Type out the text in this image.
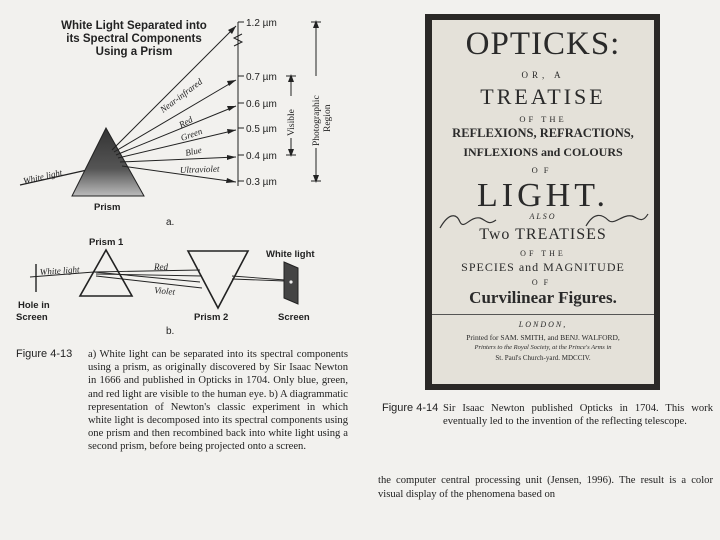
White Light Separated into
its Spectral Components
Using a Prism
White light
Prism
Near-infrared
Red
Green
Blue
Ultraviolet
1.2 µm
0.7 µm
0.6 µm
0.5 µm
0.4 µm
0.3 µm
Visible Photographic Region
a.
Prism 1
Prism 2
Hole in
Screen
White light	Red
Violet
White light
Screen
b.
Figure 4-13 a) White light can be separated into its spectral components using a prism, as originally discovered by Sir Isaac Newton in 1666 and published in Opticks in 1704. Only blue, green, and red light are visible to the human eye. b) A diagrammatic representation of Newton's classic experiment in which white light is decomposed into its spectral components using one prism and then recombined back into white light using a second prism, before being projected onto a screen.
OPTICKS:
OR, A
TREATISE
OF THE
REFLEXIONS, REFRACTIONS,
INFLEXIONS and COLOURS
OF
LIGHT.
ALSO
Two TREATISES
OF THE
SPECIES and MAGNITUDE
OF
Curvilinear Figures.
LONDON,
Printed for SAM. SMITH, and BENJ. WALFORD,
Printers to the Royal Society, at the Prince's Arms in
St. Paul's Church-yard. MDCCIV.
Figure 4-14 Sir Isaac Newton published Opticks in 1704. This work eventually led to the invention of the reflecting telescope.
the computer central processing unit (Jensen, 1996). The result is a color visual display of the phenomena based on
